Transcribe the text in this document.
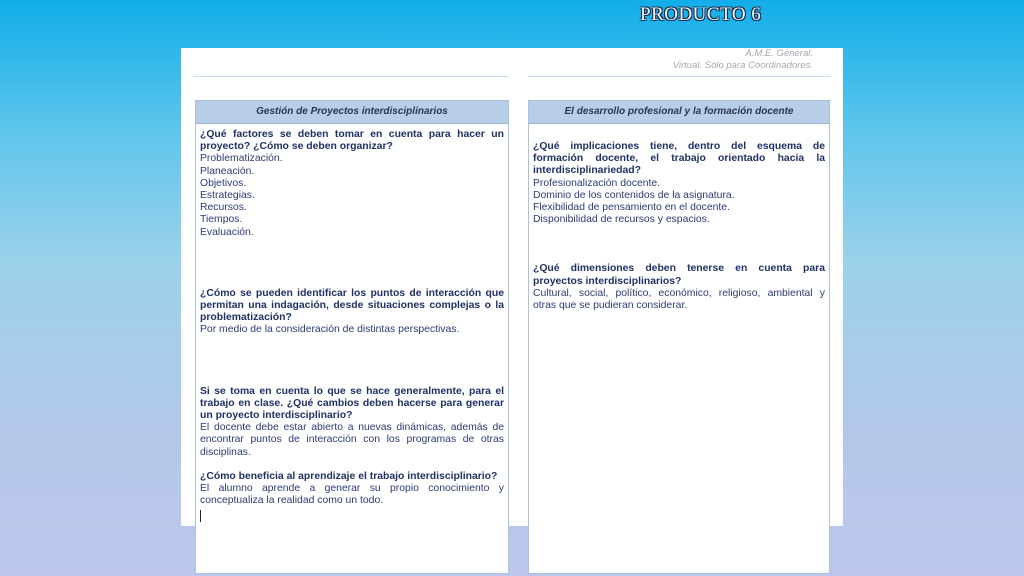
PRODUCTO 6
A.M.E. General.
Virtual. Sólo para Coordinadores.
Gestión de Proyectos interdisciplinarios
¿Qué factores se deben tomar en cuenta para hacer un proyecto? ¿Cómo se deben organizar?
Problematización.
Planeación.
Objetivos.
Estrategias.
Recursos.
Tiempos.
Evaluación.
¿Cómo se pueden identificar los puntos de interacción que permitan una indagación, desde situaciones complejas o la problematización?
Por medio de la consideración de distintas perspectivas.
Si se toma en cuenta lo que se hace generalmente, para el trabajo en clase. ¿Qué cambios deben hacerse para generar un proyecto interdisciplinario?
El docente debe estar abierto a nuevas dinámicas, además de encontrar puntos de interacción con los programas de otras disciplinas.
¿Cómo beneficia al aprendizaje el trabajo interdisciplinario?
El alumno aprende a generar su propio conocimiento y conceptualiza la realidad como un todo.
El desarrollo profesional y la formación docente
¿Qué implicaciones tiene, dentro del esquema de formación docente, el trabajo orientado hacia la interdisciplinariedad?
Profesionalización docente.
Dominio de los contenidos de la asignatura.
Flexibilidad de pensamiento en el docente.
Disponibilidad de recursos y espacios.
¿Qué dimensiones deben tenerse en cuenta para proyectos interdisciplinarios?
Cultural, social, político, económico, religioso, ambiental y otras que se pudieran considerar.
